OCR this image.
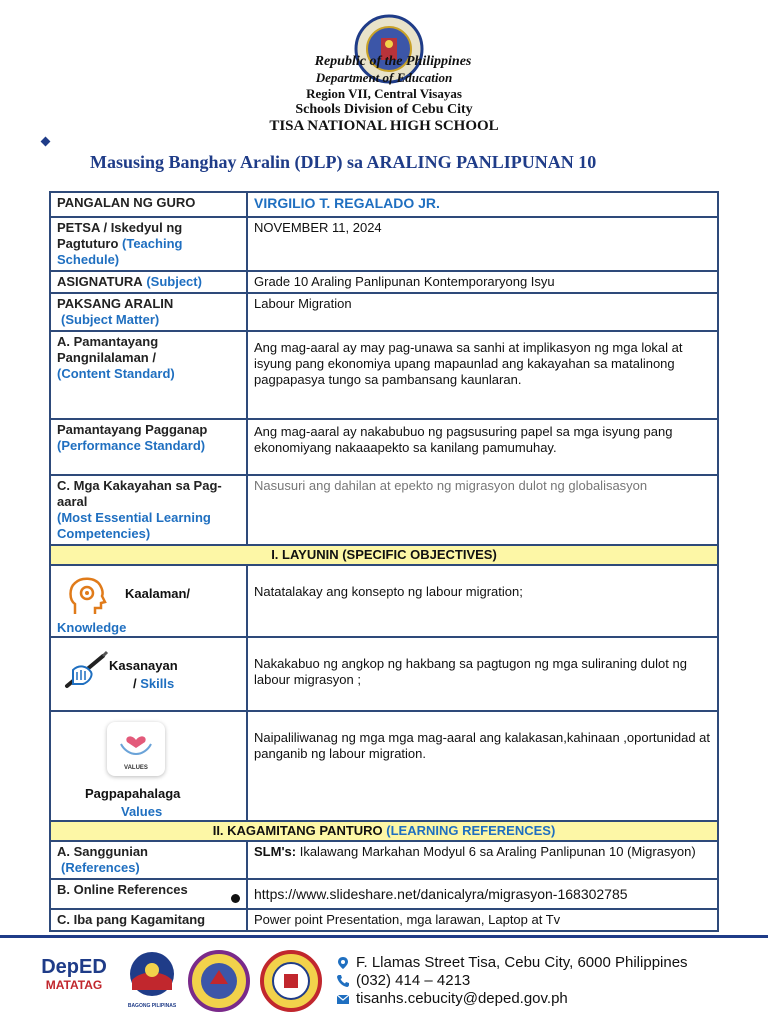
Republic of the Philippines
Department of Education
Region VII, Central Visayas
Schools Division of Cebu City
TISA NATIONAL HIGH SCHOOL
Masusing Banghay Aralin (DLP) sa ARALING PANLIPUNAN 10
PANGALAN NG GURO	VIRGILIO T. REGALADO JR.
PETSA / Iskedyul ng Pagtuturo (Teaching Schedule)	NOVEMBER 11, 2024
ASIGNATURA (Subject)	Grade 10 Araling Panlipunan Kontemporaryong Isyu

PAKSANG ARALIN
(Subject Matter)	Labour Migration

A. Pamantayang Pangnilalaman /
(Content Standard)	Ang mag-aaral ay may pag-unawa sa sanhi at implikasyon ng mga lokal at isyung pang ekonomiya upang mapaunlad ang kakayahan sa matalinong pagpapasya tungo sa pambansang kaunlaran.

Pamantayang Pagganap
(Performance Standard)	Ang mag-aaral ay nakabubuo ng pagsusuring papel sa mga isyung pang ekonomiyang nakaaapekto sa kanilang pamumuhay.

C. Mga Kakayahan sa Pag-aaral
(Most Essential Learning Competencies)	Nasusuri ang dahilan at epekto ng migrasyon dulot ng globalisasyon
I. LAYUNIN (SPECIFIC OBJECTIVES)	

Kaalaman/
Knowledge	Natatalakay ang konsepto ng labour migration;

Kasanayan
/ Skills	Nakakabuo ng angkop ng hakbang sa pagtugon ng mga suliraning dulot ng labour migrasyon ;

VALUES
Pagpapahalaga
Values	Naipaliliwanag ng mga mga mag-aaral ang kalakasan,kahinaan ,oportunidad at panganib ng labour migration.
II. KAGAMITANG PANTURO (LEARNING REFERENCES)	

A. Sanggunian
(References)	SLM's: Ikalawang Markahan Modyul 6 sa Araling Panlipunan 10 (Migrasyon)
B. Online References	https://www.slideshare.net/danicalyra/migrasyon-168302785
C. Iba pang Kagamitang	Power point Presentation, mga larawan, Laptop at Tv
DepED
MATATAG
BAGONG PILIPINAS
F. Llamas Street Tisa, Cebu City, 6000 Philippines
(032) 414 – 4213
tisanhs.cebucity@deped.gov.ph
